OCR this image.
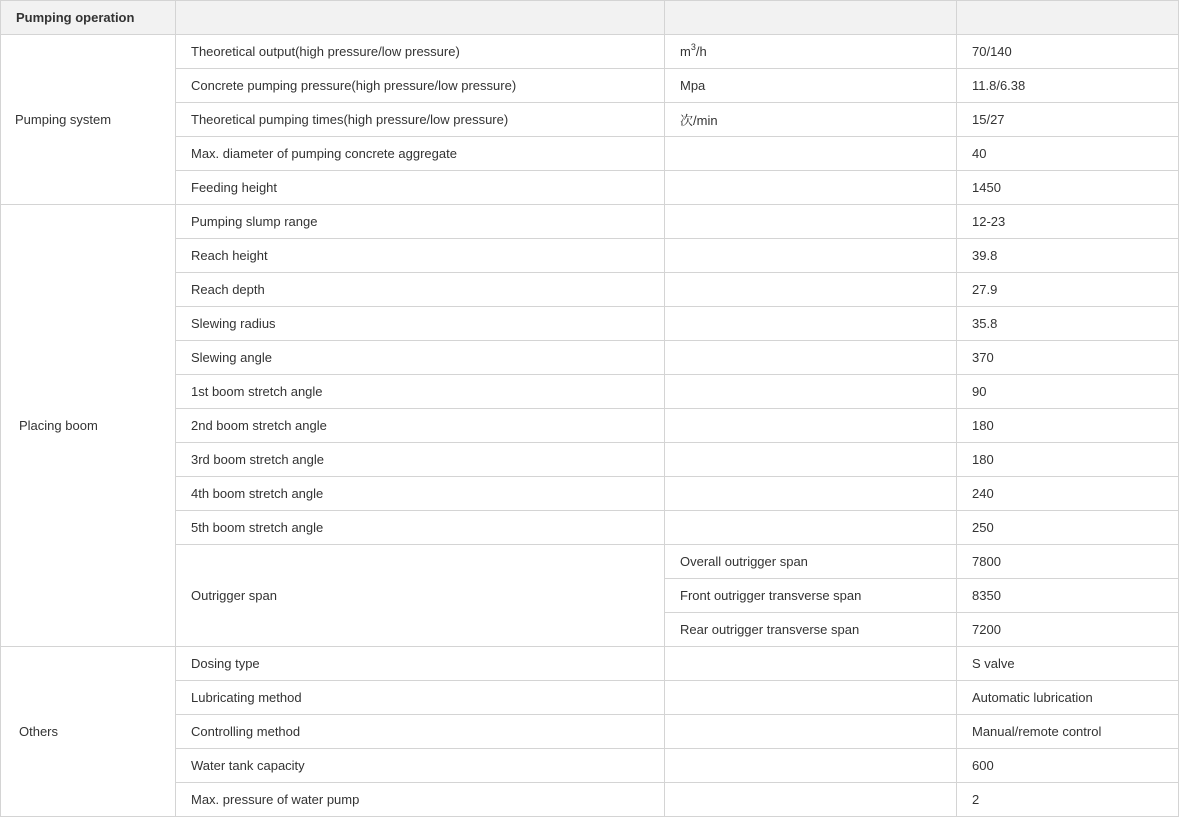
Pumping operation			
Pumping system	Theoretical output(high pressure/low pressure)	$m^3/h$	70/140
	Concrete pumping pressure(high pressure/low pressure)	Mpa	11.8/6.38
	Theoretical pumping times(high pressure/low pressure)	次/min	15/27
	Max. diameter of pumping concrete aggregate		40
	Feeding height		1450
Placing boom	Pumping slump range		12-23
	Reach height		39.8
	Reach depth		27.9
	Slewing radius		35.8
	Slewing angle		370
	1st boom stretch angle		90
	2nd boom stretch angle		180
	3rd boom stretch angle		180
	4th boom stretch angle		240
	5th boom stretch angle		250
	Outrigger span	Overall outrigger span	7800
		Front outrigger transverse span	8350
		Rear outrigger transverse span	7200
Others	Dosing type		S valve
	Lubricating method		Automatic lubrication
	Controlling method		Manual/remote control
	Water tank capacity		600
	Max. pressure of water pump		2
